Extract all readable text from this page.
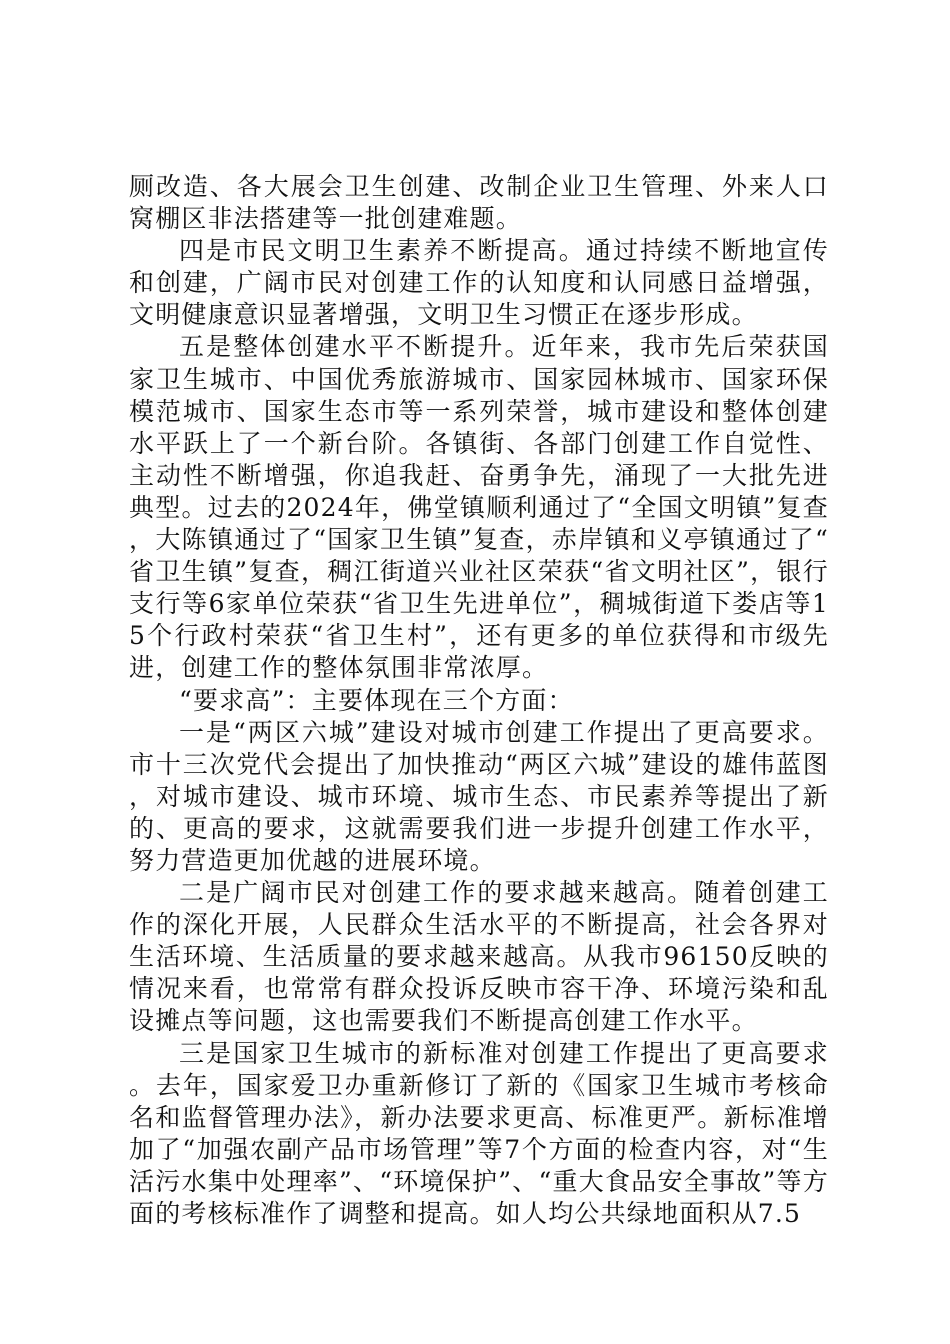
厕改造、各大展会卫生创建、改制企业卫生管理、外来人口窝棚区非法搭建等一批创建难题。

四是市民文明卫生素养不断提高。通过持续不断地宣传和创建，广阔市民对创建工作的认知度和认同感日益增强，文明健康意识显著增强，文明卫生习惯正在逐步形成。

五是整体创建水平不断提升。近年来，我市先后荣获国家卫生城市、中国优秀旅游城市、国家园林城市、国家环保模范城市、国家生态市等一系列荣誉，城市建设和整体创建水平跃上了一个新台阶。各镇街、各部门创建工作自觉性、主动性不断增强，你追我赶、奋勇争先，涌现了一大批先进典型。过去的2024年，佛堂镇顺利通过了“全国文明镇”复查，大陈镇通过了“国家卫生镇”复查，赤岸镇和义亭镇通过了“省卫生镇”复查，稠江街道兴业社区荣获“省文明社区”，银行支行等6家单位荣获“省卫生先进单位”，稠城街道下娄店等15个行政村荣获“省卫生村”，还有更多的单位获得和市级先进，创建工作的整体氛围非常浓厚。

“要求高”：主要体现在三个方面：

一是“两区六城”建设对城市创建工作提出了更高要求。市十三次党代会提出了加快推动“两区六城”建设的雄伟蓝图，对城市建设、城市环境、城市生态、市民素养等提出了新的、更高的要求，这就需要我们进一步提升创建工作水平，努力营造更加优越的进展环境。

二是广阔市民对创建工作的要求越来越高。随着创建工作的深化开展，人民群众生活水平的不断提高，社会各界对生活环境、生活质量的要求越来越高。从我市96150反映的情况来看，也常常有群众投诉反映市容干净、环境污染和乱设摊点等问题，这也需要我们不断提高创建工作水平。

三是国家卫生城市的新标准对创建工作提出了更高要求。去年，国家爱卫办重新修订了新的《国家卫生城市考核命名和监督管理办法》，新办法要求更高、标准更严。新标准增加了“加强农副产品市场管理”等7个方面的检查内容，对“生活污水集中处理率”、“环境保护”、“重大食品安全事故”等方面的考核标准作了调整和提高。如人均公共绿地面积从7.5
